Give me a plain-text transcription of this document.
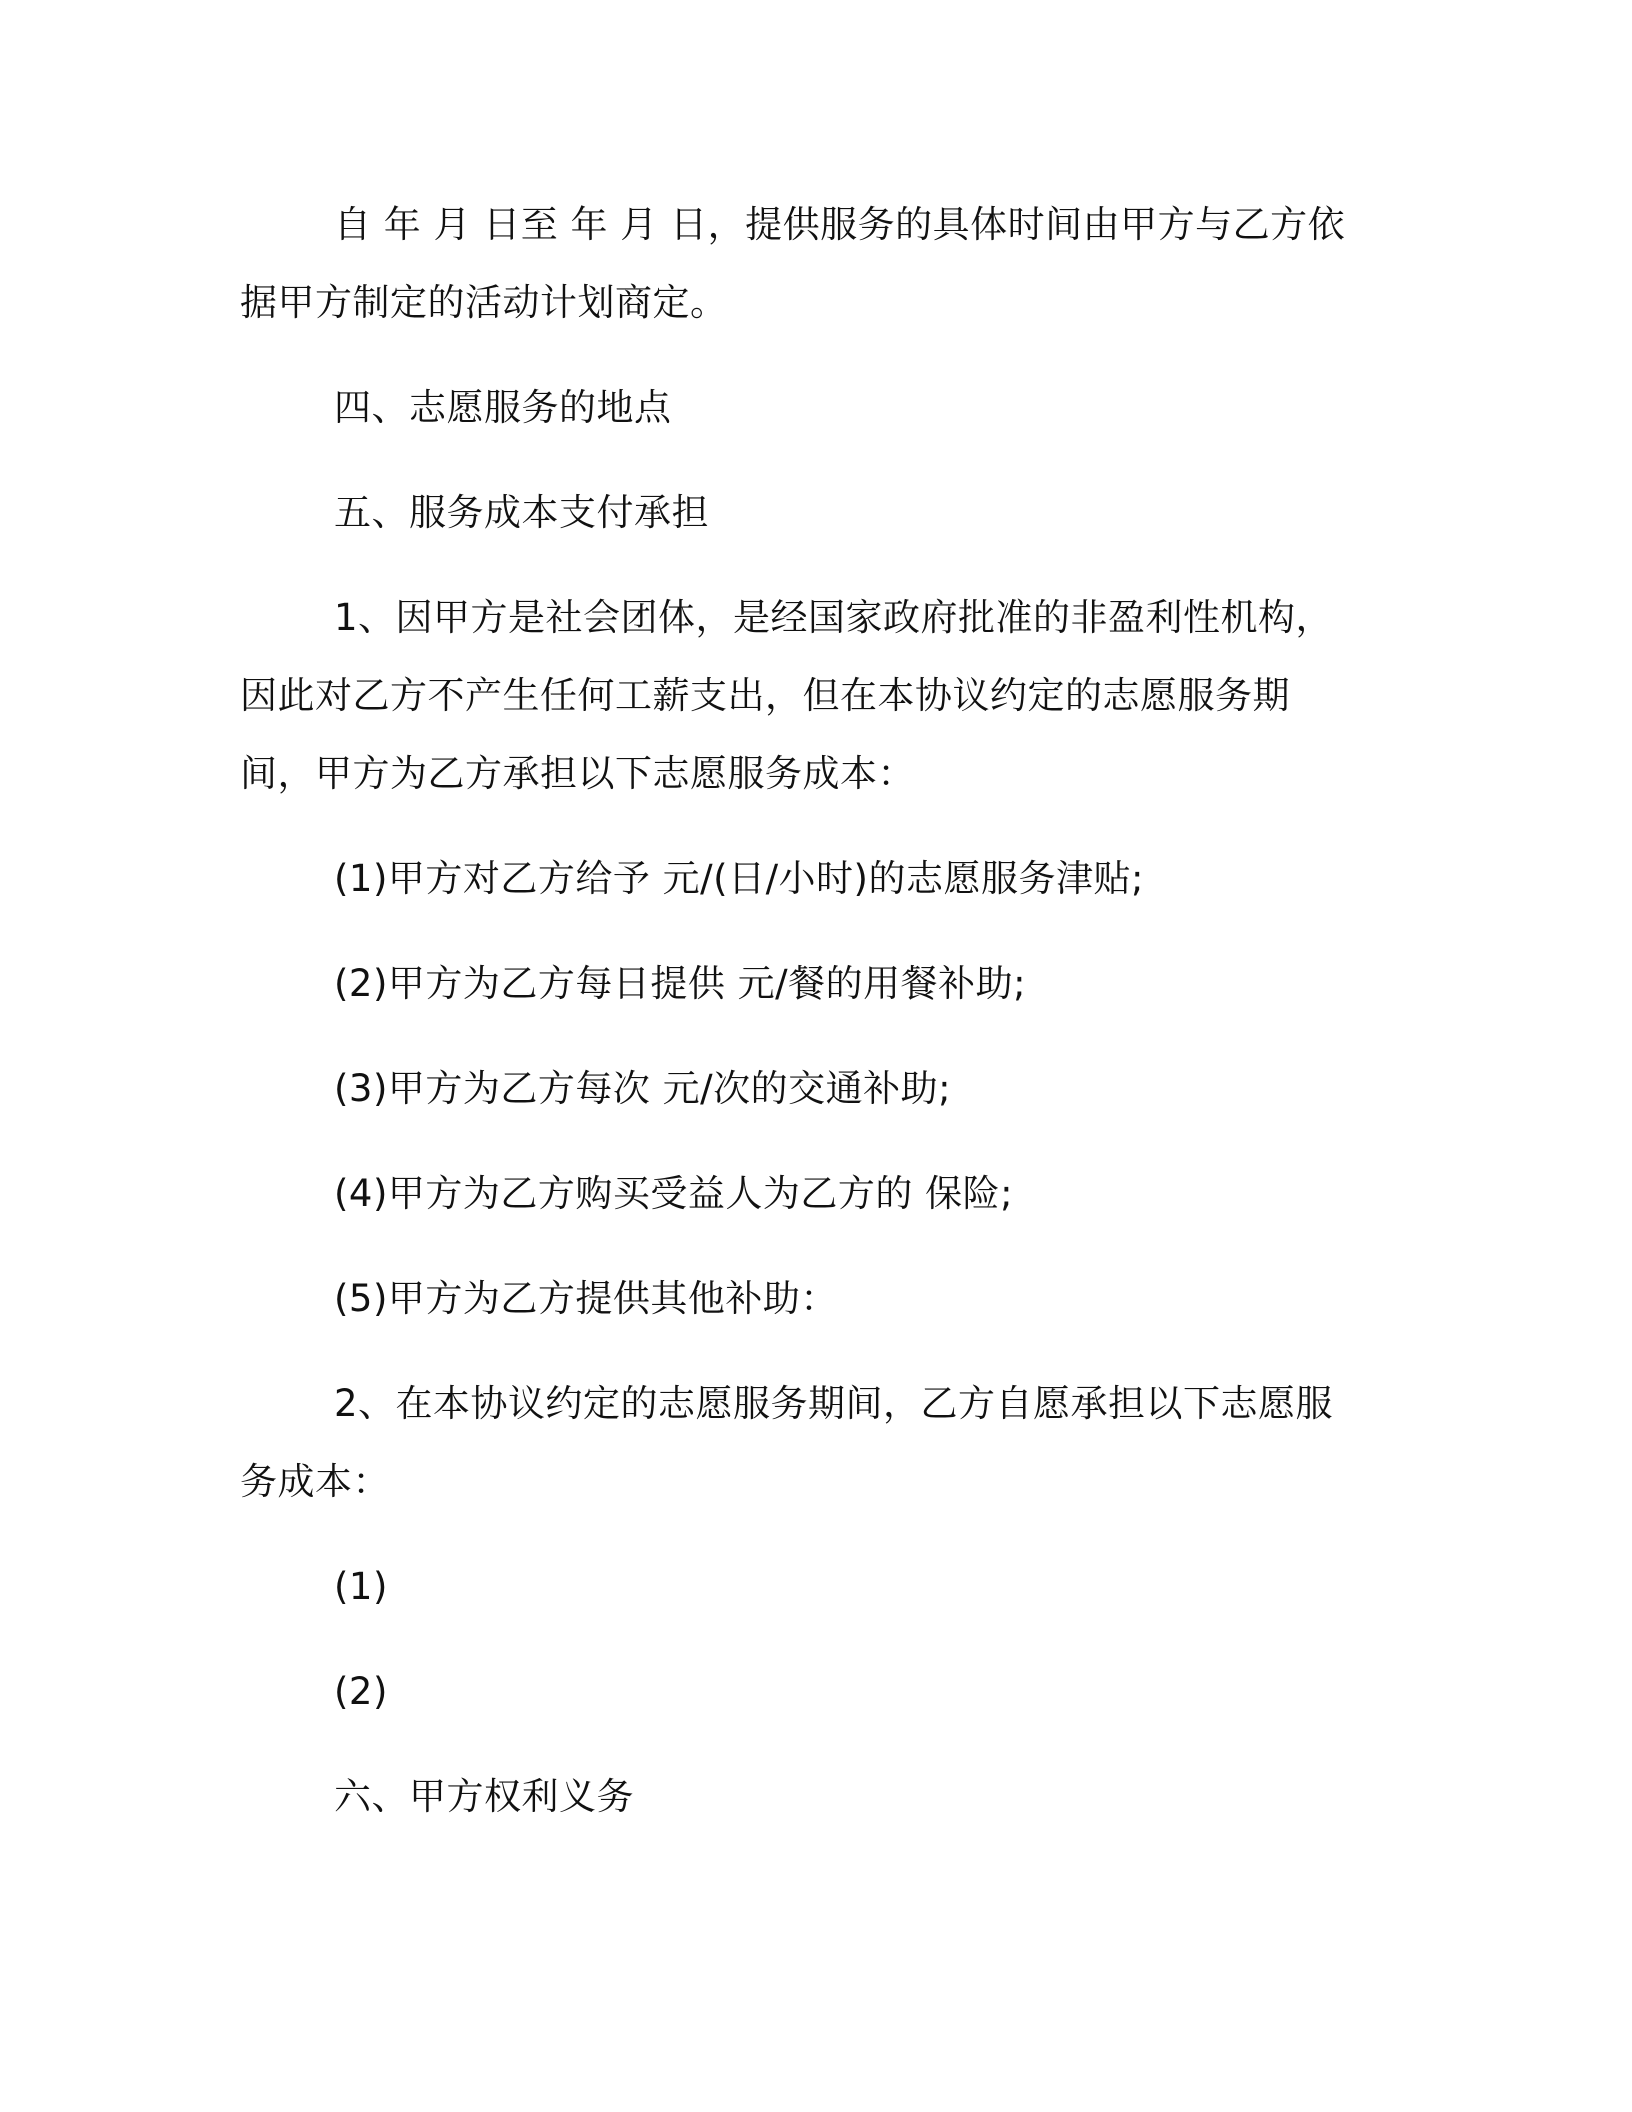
自 年 月 日至 年 月 日，提供服务的具体时间由甲方与乙方依据甲方制定的活动计划商定。

四、志愿服务的地点

五、服务成本支付承担

1、因甲方是社会团体，是经国家政府批准的非盈利性机构，因此对乙方不产生任何工薪支出，但在本协议约定的志愿服务期间，甲方为乙方承担以下志愿服务成本：

(1)甲方对乙方给予 元/(日/小时)的志愿服务津贴;

(2)甲方为乙方每日提供 元/餐的用餐补助;

(3)甲方为乙方每次 元/次的交通补助;

(4)甲方为乙方购买受益人为乙方的 保险;

(5)甲方为乙方提供其他补助：

2、在本协议约定的志愿服务期间，乙方自愿承担以下志愿服务成本：

(1)

(2)

六、甲方权利义务
